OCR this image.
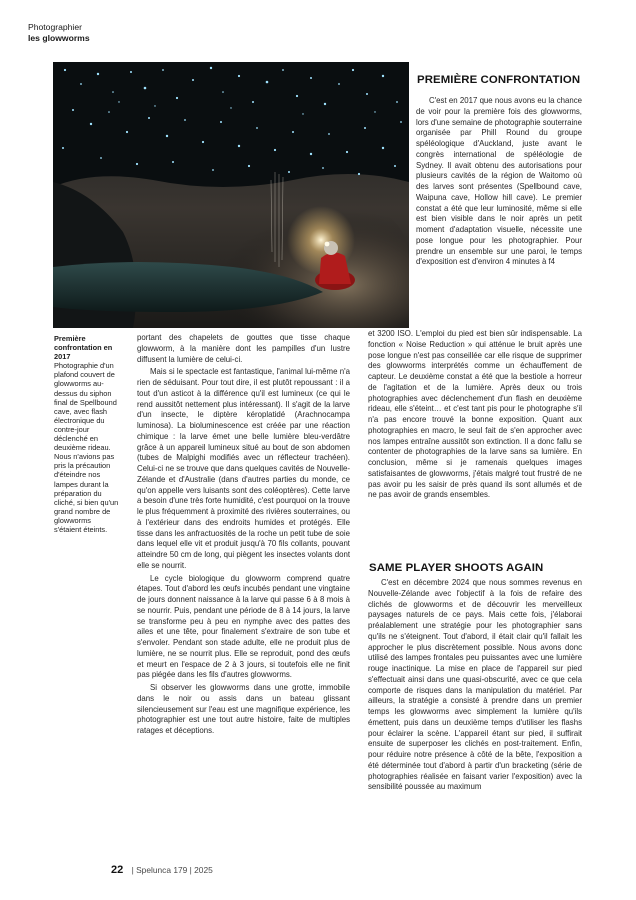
Photographier
les glowworms
Première confrontation en 2017
Photographie d'un plafond couvert de glowworms au-dessus du siphon final de Spellbound cave, avec flash électronique du contre-jour déclenché en deuxième rideau. Nous n'avions pas pris la précaution d'éteindre nos lampes durant la préparation du cliché, si bien qu'un grand nombre de glowworms s'étaient éteints.
PREMIÈRE CONFRONTATION

C'est en 2017 que nous avons eu la chance de voir pour la première fois des glowworms, lors d'une semaine de photographie souterraine organisée par Phill Round du groupe spéléologique d'Auckland, juste avant le congrès international de spéléologie de Sydney. Il avait obtenu des autorisations pour plusieurs cavités de la région de Waitomo où des larves sont présentes (Spellbound cave, Waipuna cave, Hollow hill cave). Le premier constat a été que leur luminosité, même si elle est bien visible dans le noir après un petit moment d'adaptation visuelle, nécessite une pose longue pour les photographier. Pour prendre un ensemble sur une paroi, le temps d'exposition est d'environ 4 minutes à f4

et 3200 ISO. L'emploi du pied est bien sûr indispensable. La fonction « Noise Reduction » qui atténue le bruit après une pose longue n'est pas conseillée car elle risque de supprimer des glowworms interprétés comme un échauffement de capteur. Le deuxième constat a été que la bestiole a horreur de l'agitation et de la lumière. Après deux ou trois photographies avec déclenchement d'un flash en deuxième rideau, elle s'éteint… et c'est tant pis pour le photographe s'il n'a pas encore trouvé la bonne exposition. Quant aux photographies en macro, le seul fait de s'en approcher avec nos lampes entraîne aussitôt son extinction. Il a donc fallu se contenter de photographies de la larve sans sa lumière. En conclusion, même si je ramenais quelques images satisfaisantes de glowworms, j'étais malgré tout frustré de ne pas avoir pu les saisir de près quand ils sont allumés et de ne pas avoir de grands ensembles.

portant des chapelets de gouttes que tisse chaque glowworm, à la manière dont les pampilles d'un lustre diffusent la lumière de celui-ci.

Mais si le spectacle est fantastique, l'animal lui-même n'a rien de séduisant. Pour tout dire, il est plutôt repoussant : il a tout d'un asticot à la différence qu'il est lumineux (ce qui le rend aussitôt nettement plus intéressant). Il s'agit de la larve d'un insecte, le diptère kéroplatidé (Arachnocampa luminosa). La bioluminescence est créée par une réaction chimique : la larve émet une belle lumière bleu-verdâtre grâce à un appareil lumineux situé au bout de son abdomen (tubes de Malpighi modifiés avec un réflecteur trachéen). Celui-ci ne se trouve que dans quelques cavités de Nouvelle-Zélande et d'Australie (dans d'autres parties du monde, ce qu'on appelle vers luisants sont des coléoptères). Cette larve a besoin d'une très forte humidité, c'est pourquoi on la trouve le plus fréquemment à proximité des rivières souterraines, ou à l'extérieur dans des endroits humides et protégés. Elle tisse dans les anfractuosités de la roche un petit tube de soie dans lequel elle vit et produit jusqu'à 70 fils collants, pouvant atteindre 50 cm de long, qui piègent les insectes volants dont elle se nourrit.

Le cycle biologique du glowworm comprend quatre étapes. Tout d'abord les œufs incubés pendant une vingtaine de jours donnent naissance à la larve qui passe 6 à 8 mois à se nourrir. Puis, pendant une période de 8 à 14 jours, la larve se transforme peu à peu en nymphe avec des pattes des ailes et une tête, pour finalement s'extraire de son tube et s'envoler. Pendant son stade adulte, elle ne produit plus de lumière, ne se nourrit plus. Elle se reproduit, pond des œufs et meurt en l'espace de 2 à 3 jours, si toutefois elle ne finit pas piégée dans les fils d'autres glowworms.

Si observer les glowworms dans une grotte, immobile dans le noir ou assis dans un bateau glissant silencieusement sur l'eau est une magnifique expérience, les photographier est une tout autre histoire, faite de multiples ratages et déceptions.

SAME PLAYER SHOOTS AGAIN

C'est en décembre 2024 que nous sommes revenus en Nouvelle-Zélande avec l'objectif à la fois de refaire des clichés de glowworms et de découvrir les merveilleux paysages naturels de ce pays. Mais cette fois, j'élaborai préalablement une stratégie pour les photographier sans qu'ils ne s'éteignent. Tout d'abord, il était clair qu'il fallait les approcher le plus discrètement possible. Nous avons donc utilisé des lampes frontales peu puissantes avec une lumière rouge inactinique. La mise en place de l'appareil sur pied s'effectuait ainsi dans une quasi-obscurité, avec ce que cela comporte de risques dans la manipulation du matériel. Par ailleurs, la stratégie a consisté à prendre dans un premier temps les glowworms avec simplement la lumière qu'ils émettent, puis dans un deuxième temps d'utiliser les flashs pour éclairer la scène. L'appareil étant sur pied, il suffirait ensuite de superposer les clichés en post-traitement. Enfin, pour réduire notre présence à côté de la bête, l'exposition a été déterminée tout d'abord à partir d'un bracketing (série de photographies réalisée en faisant varier l'exposition) avec la sensibilité poussée au maximum

22 | Spelunca 179 | 2025
